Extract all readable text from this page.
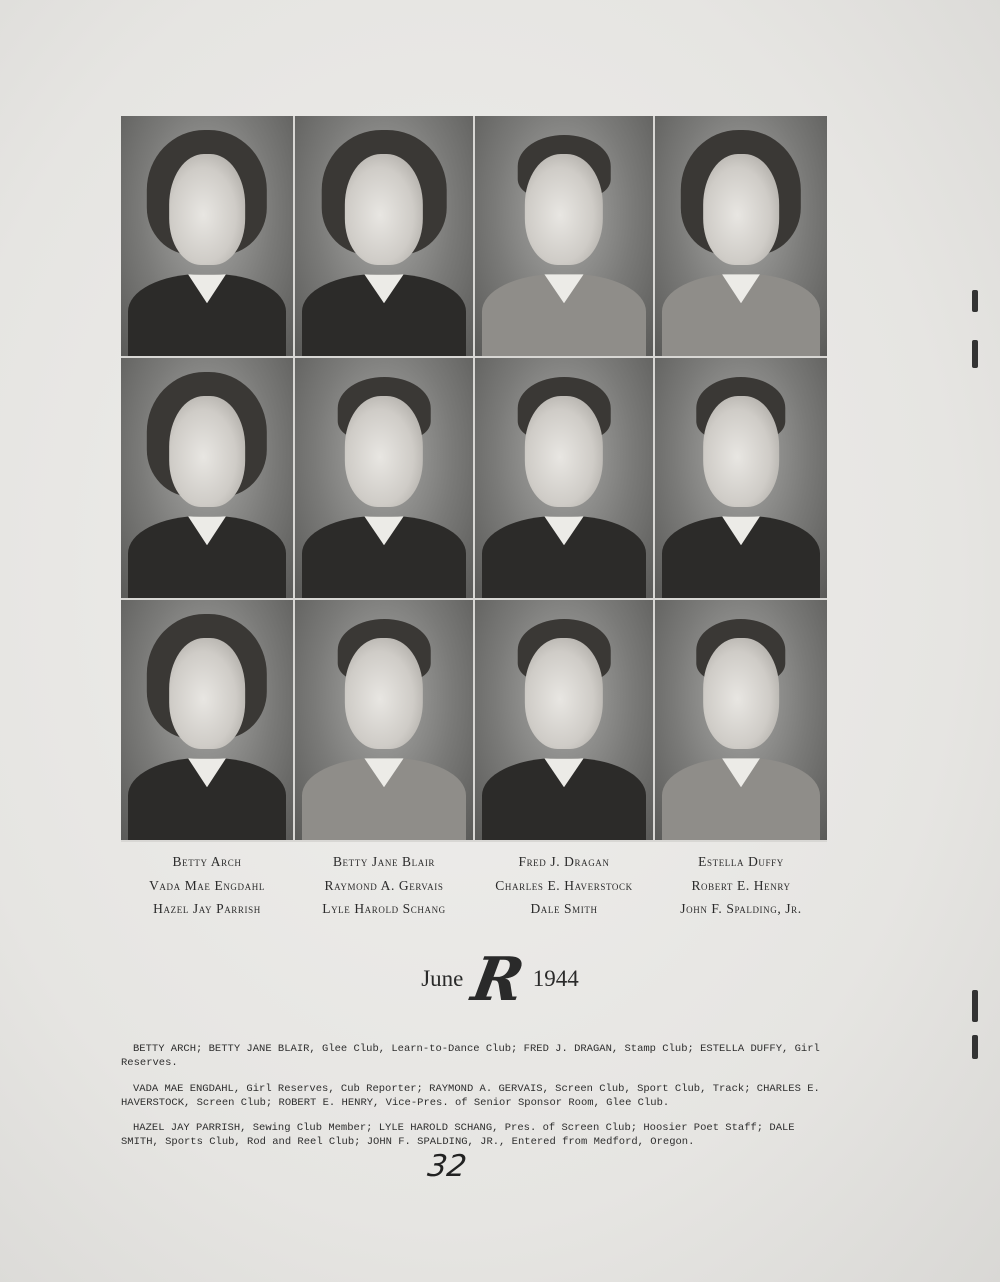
Betty Arch
Vada Mae Engdahl
Hazel Jay Parrish
Betty Jane Blair
Raymond A. Gervais
Lyle Harold Schang
Fred J. Dragan
Charles E. Haverstock
Dale Smith
Estella Duffy
Robert E. Henry
John F. Spalding, Jr.
June R 1944

BETTY ARCH; BETTY JANE BLAIR, Glee Club, Learn-to-Dance Club; FRED J. DRAGAN, Stamp Club; ESTELLA DUFFY, Girl Reserves.

VADA MAE ENGDAHL, Girl Reserves, Cub Reporter; RAYMOND A. GERVAIS, Screen Club, Sport Club, Track; CHARLES E. HAVERSTOCK, Screen Club; ROBERT E. HENRY, Vice-Pres. of Senior Sponsor Room, Glee Club.

HAZEL JAY PARRISH, Sewing Club Member; LYLE HAROLD SCHANG, Pres. of Screen Club; Hoosier Poet Staff; DALE SMITH, Sports Club, Rod and Reel Club; JOHN F. SPALDING, JR., Entered from Medford, Oregon.

32
